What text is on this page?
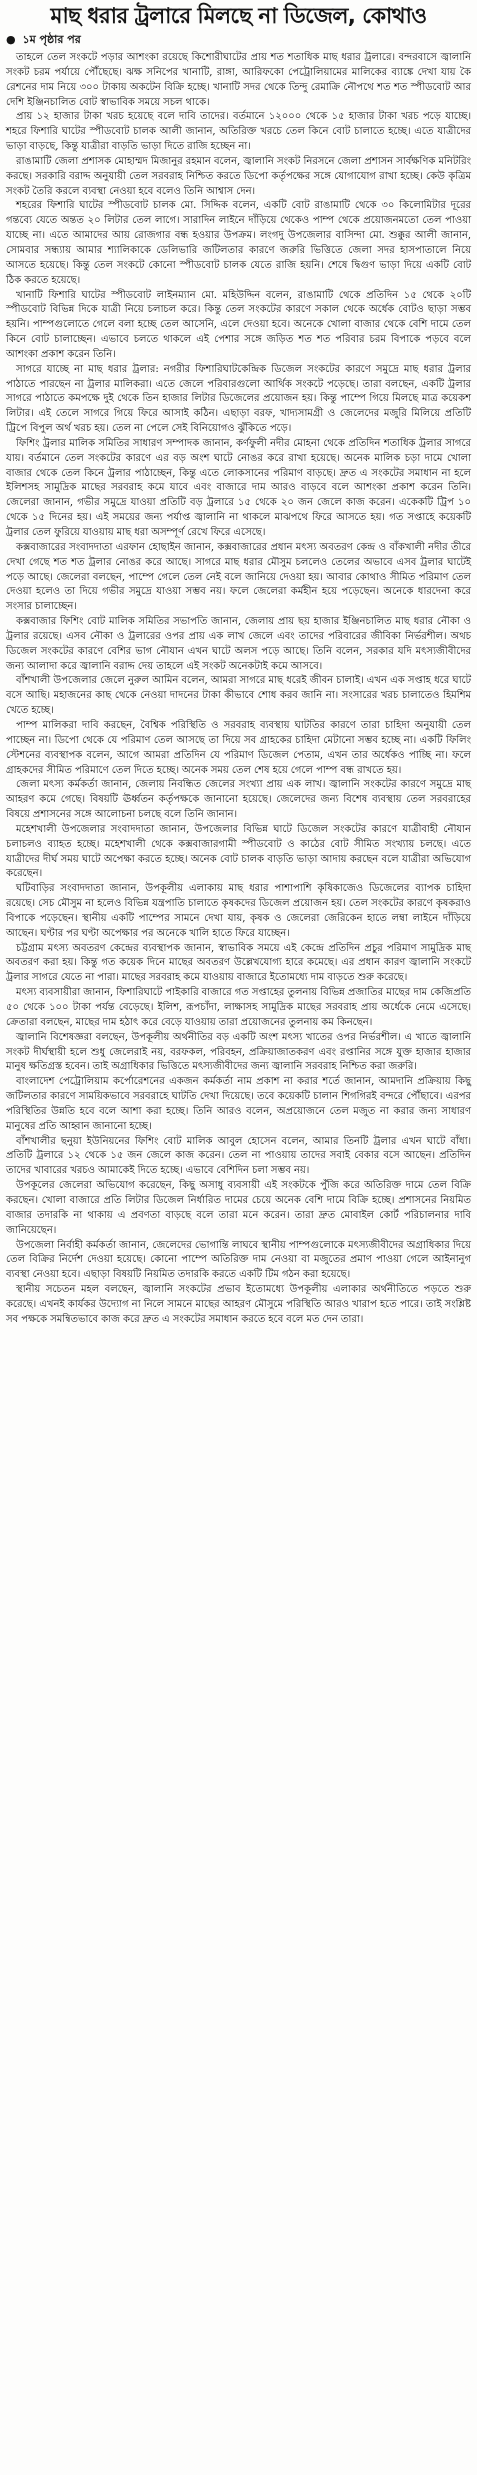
মাছ ধরার ট্রলারে মিলছে না ডিজেল, কোথাও
● ১ম পৃষ্ঠার পর

তাহলে তেল সংকটে পড়ার আশংকা রয়েছে কিশোরীঘাটের প্রায় শত শতাধিক মাছ ধরার ট্রলারে। বন্দরবাসে জ্বালানি সংকট চরম পর্যায়ে পৌঁছেছে। ঝক্ষ সনিপের খানাটি, রাঙ্গা, আরিফকো পেট্রোলিয়ামের মালিকের ব্যাঙ্কে দেখা যায় কৈ রেশনের দাম নিয়ে ৩০০ টাকায় অকটেন বিক্রি হচ্ছে। খানাটি সদর থেকে তিন্দু রেমাক্রি নৌপথে শত শত স্পীডবোট আর দেশি ইঞ্জিনচালিত বোট স্বাভাবিক সময়ে সচল থাকে।

প্রায় ১২ হাজার টাকা খরচ হয়েছে বলে দাবি তাদের। বর্তমানে ১২০০০ থেকে ১৫ হাজার টাকা খরচ পড়ে যাচ্ছে। শহরে ফিশারি ঘাটের স্পীডবোট চালক আলী জানান, অতিরিক্ত খরচে তেল কিনে বোট চালাতে হচ্ছে। এতে যাত্রীদের ভাড়া বাড়ছে, কিন্তু যাত্রীরা বাড়তি ভাড়া দিতে রাজি হচ্ছেন না।

রাঙামাটি জেলা প্রশাসক মোহাম্মদ মিজানুর রহমান বলেন, জ্বালানি সংকট নিরসনে জেলা প্রশাসন সার্বক্ষণিক মনিটরিং করছে। সরকারি বরাদ্দ অনুযায়ী তেল সরবরাহ নিশ্চিত করতে ডিপো কর্তৃপক্ষের সঙ্গে যোগাযোগ রাখা হচ্ছে। কেউ কৃত্রিম সংকট তৈরি করলে ব্যবস্থা নেওয়া হবে বলেও তিনি আশ্বাস দেন।

শহরের ফিশারি ঘাটের স্পীডবোট চালক মো. সিদ্দিক বলেন, একটি বোট রাঙামাটি থেকে ৩০ কিলোমিটার দূরের গন্তব্যে যেতে অন্তত ২০ লিটার তেল লাগে। সারাদিন লাইনে দাঁড়িয়ে থেকেও পাম্প থেকে প্রয়োজনমতো তেল পাওয়া যাচ্ছে না। এতে আমাদের আয় রোজগার বন্ধ হওয়ার উপক্রম। লংগদু উপজেলার বাসিন্দা মো. শুক্কুর আলী জানান, সোমবার সন্ধ্যায় আমার শ্যালিকাকে ডেলিভারি জটিলতার কারণে জরুরি ভিত্তিতে জেলা সদর হাসপাতালে নিয়ে আসতে হয়েছে। কিন্তু তেল সংকটে কোনো স্পীডবোট চালক যেতে রাজি হয়নি। শেষে দ্বিগুণ ভাড়া দিয়ে একটি বোট ঠিক করতে হয়েছে।

খানাটি ফিশারি ঘাটের স্পীডবোট লাইনম্যান মো. মহিউদ্দিন বলেন, রাঙামাটি থেকে প্রতিদিন ১৫ থেকে ২০টি স্পীডবোট বিভিন্ন দিকে যাত্রী নিয়ে চলাচল করে। কিন্তু তেল সংকটের কারণে সকাল থেকে অর্ধেক বোটও ছাড়া সম্ভব হয়নি। পাম্পগুলোতে গেলে বলা হচ্ছে তেল আসেনি, এলে দেওয়া হবে। অনেকে খোলা বাজার থেকে বেশি দামে তেল কিনে বোট চালাচ্ছেন। এভাবে চলতে থাকলে এই পেশার সঙ্গে জড়িত শত শত পরিবার চরম বিপাকে পড়বে বলে আশংকা প্রকাশ করেন তিনি।

সাগরে যাচ্ছে না মাছ ধরার ট্রলার: নগরীর ফিশারিঘাটকেন্দ্রিক ডিজেল সংকটের কারণে সমুদ্রে মাছ ধরার ট্রলার পাঠাতে পারছেন না ট্রলার মালিকরা। এতে জেলে পরিবারগুলো আর্থিক সংকটে পড়েছে। তারা বলছেন, একটি ট্রলার সাগরে পাঠাতে কমপক্ষে দুই থেকে তিন হাজার লিটার ডিজেলের প্রয়োজন হয়। কিন্তু পাম্পে গিয়ে মিলছে মাত্র কয়েকশ লিটার। এই তেলে সাগরে গিয়ে ফিরে আসাই কঠিন। এছাড়া বরফ, খাদ্যসামগ্রী ও জেলেদের মজুরি মিলিয়ে প্রতিটি ট্রিপে বিপুল অর্থ খরচ হয়। তেল না পেলে সেই বিনিয়োগও ঝুঁকিতে পড়ে।

ফিশিং ট্রলার মালিক সমিতির সাধারণ সম্পাদক জানান, কর্ণফুলী নদীর মোহনা থেকে প্রতিদিন শতাধিক ট্রলার সাগরে যায়। বর্তমানে তেল সংকটের কারণে এর বড় অংশ ঘাটে নোঙর করে রাখা হয়েছে। অনেক মালিক চড়া দামে খোলা বাজার থেকে তেল কিনে ট্রলার পাঠাচ্ছেন, কিন্তু এতে লোকসানের পরিমাণ বাড়ছে। দ্রুত এ সংকটের সমাধান না হলে ইলিশসহ সামুদ্রিক মাছের সরবরাহ কমে যাবে এবং বাজারে দাম আরও বাড়বে বলে আশংকা প্রকাশ করেন তিনি। জেলেরা জানান, গভীর সমুদ্রে যাওয়া প্রতিটি বড় ট্রলারে ১৫ থেকে ২০ জন জেলে কাজ করেন। একেকটি ট্রিপ ১০ থেকে ১৫ দিনের হয়। এই সময়ের জন্য পর্যাপ্ত জ্বালানি না থাকলে মাঝপথে ফিরে আসতে হয়। গত সপ্তাহে কয়েকটি ট্রলার তেল ফুরিয়ে যাওয়ায় মাছ ধরা অসম্পূর্ণ রেখে ফিরে এসেছে।

কক্সবাজারের সংবাদদাতা এরফান হোছাইন জানান, কক্সবাজারের প্রধান মৎস্য অবতরণ কেন্দ্র ও বাঁকখালী নদীর তীরে দেখা গেছে শত শত ট্রলার নোঙর করে আছে। সাগরে মাছ ধরার মৌসুম চললেও তেলের অভাবে এসব ট্রলার ঘাটেই পড়ে আছে। জেলেরা বলছেন, পাম্পে গেলে তেল নেই বলে জানিয়ে দেওয়া হয়। আবার কোথাও সীমিত পরিমাণ তেল দেওয়া হলেও তা দিয়ে গভীর সমুদ্রে যাওয়া সম্ভব নয়। ফলে জেলেরা কর্মহীন হয়ে পড়েছেন। অনেকে ধারদেনা করে সংসার চালাচ্ছেন।

কক্সবাজার ফিশিং বোট মালিক সমিতির সভাপতি জানান, জেলায় প্রায় ছয় হাজার ইঞ্জিনচালিত মাছ ধরার নৌকা ও ট্রলার রয়েছে। এসব নৌকা ও ট্রলারের ওপর প্রায় এক লাখ জেলে এবং তাদের পরিবারের জীবিকা নির্ভরশীল। অথচ ডিজেল সংকটের কারণে বেশির ভাগ নৌযান এখন ঘাটে অলস পড়ে আছে। তিনি বলেন, সরকার যদি মৎস্যজীবীদের জন্য আলাদা করে জ্বালানি বরাদ্দ দেয় তাহলে এই সংকট অনেকটাই কমে আসবে।

বাঁশখালী উপজেলার জেলে নুরুল আমিন বলেন, আমরা সাগরে মাছ ধরেই জীবন চালাই। এখন এক সপ্তাহ ধরে ঘাটে বসে আছি। মহাজনের কাছ থেকে নেওয়া দাদনের টাকা কীভাবে শোধ করব জানি না। সংসারের খরচ চালাতেও হিমশিম খেতে হচ্ছে।

পাম্প মালিকরা দাবি করছেন, বৈশ্বিক পরিস্থিতি ও সরবরাহ ব্যবস্থায় ঘাটতির কারণে তারা চাহিদা অনুযায়ী তেল পাচ্ছেন না। ডিপো থেকে যে পরিমাণ তেল আসছে তা দিয়ে সব গ্রাহকের চাহিদা মেটানো সম্ভব হচ্ছে না। একটি ফিলিং স্টেশনের ব্যবস্থাপক বলেন, আগে আমরা প্রতিদিন যে পরিমাণ ডিজেল পেতাম, এখন তার অর্ধেকও পাচ্ছি না। ফলে গ্রাহকদের সীমিত পরিমাণে তেল দিতে হচ্ছে। অনেক সময় তেল শেষ হয়ে গেলে পাম্প বন্ধ রাখতে হয়।

জেলা মৎস্য কর্মকর্তা জানান, জেলায় নিবন্ধিত জেলের সংখ্যা প্রায় এক লাখ। জ্বালানি সংকটের কারণে সমুদ্রে মাছ আহরণ কমে গেছে। বিষয়টি ঊর্ধ্বতন কর্তৃপক্ষকে জানানো হয়েছে। জেলেদের জন্য বিশেষ ব্যবস্থায় তেল সরবরাহের বিষয়ে প্রশাসনের সঙ্গে আলোচনা চলছে বলে তিনি জানান।

মহেশখালী উপজেলার সংবাদদাতা জানান, উপজেলার বিভিন্ন ঘাটে ডিজেল সংকটের কারণে যাত্রীবাহী নৌযান চলাচলও ব্যাহত হচ্ছে। মহেশখালী থেকে কক্সবাজারগামী স্পীডবোট ও কাঠের বোট সীমিত সংখ্যায় চলছে। এতে যাত্রীদের দীর্ঘ সময় ঘাটে অপেক্ষা করতে হচ্ছে। অনেক বোট চালক বাড়তি ভাড়া আদায় করছেন বলে যাত্রীরা অভিযোগ করেছেন।

ঘটিবাড়ির সংবাদদাতা জানান, উপকূলীয় এলাকায় মাছ ধরার পাশাপাশি কৃষিকাজেও ডিজেলের ব্যাপক চাহিদা রয়েছে। সেচ মৌসুম না হলেও বিভিন্ন যন্ত্রপাতি চালাতে কৃষকদের ডিজেল প্রয়োজন হয়। তেল সংকটের কারণে কৃষকরাও বিপাকে পড়েছেন। স্থানীয় একটি পাম্পের সামনে দেখা যায়, কৃষক ও জেলেরা জেরিকেন হাতে লম্বা লাইনে দাঁড়িয়ে আছেন। ঘণ্টার পর ঘণ্টা অপেক্ষার পর অনেকে খালি হাতে ফিরে যাচ্ছেন।

চট্টগ্রাম মৎস্য অবতরণ কেন্দ্রের ব্যবস্থাপক জানান, স্বাভাবিক সময়ে এই কেন্দ্রে প্রতিদিন প্রচুর পরিমাণ সামুদ্রিক মাছ অবতরণ করা হয়। কিন্তু গত কয়েক দিনে মাছের অবতরণ উল্লেখযোগ্য হারে কমেছে। এর প্রধান কারণ জ্বালানি সংকটে ট্রলার সাগরে যেতে না পারা। মাছের সরবরাহ কমে যাওয়ায় বাজারে ইতোমধ্যে দাম বাড়তে শুরু করেছে।

মৎস্য ব্যবসায়ীরা জানান, ফিশারিঘাটে পাইকারি বাজারে গত সপ্তাহের তুলনায় বিভিন্ন প্রজাতির মাছের দাম কেজিপ্রতি ৫০ থেকে ১০০ টাকা পর্যন্ত বেড়েছে। ইলিশ, রূপচাঁদা, লাক্ষাসহ সামুদ্রিক মাছের সরবরাহ প্রায় অর্ধেকে নেমে এসেছে। ক্রেতারা বলছেন, মাছের দাম হঠাৎ করে বেড়ে যাওয়ায় তারা প্রয়োজনের তুলনায় কম কিনছেন।

জ্বালানি বিশেষজ্ঞরা বলছেন, উপকূলীয় অর্থনীতির বড় একটি অংশ মৎস্য খাতের ওপর নির্ভরশীল। এ খাতে জ্বালানি সংকট দীর্ঘস্থায়ী হলে শুধু জেলেরাই নয়, বরফকল, পরিবহন, প্রক্রিয়াজাতকরণ এবং রপ্তানির সঙ্গে যুক্ত হাজার হাজার মানুষ ক্ষতিগ্রস্ত হবেন। তাই অগ্রাধিকার ভিত্তিতে মৎস্যজীবীদের জন্য জ্বালানি সরবরাহ নিশ্চিত করা জরুরি।

বাংলাদেশ পেট্রোলিয়াম কর্পোরেশনের একজন কর্মকর্তা নাম প্রকাশ না করার শর্তে জানান, আমদানি প্রক্রিয়ায় কিছু জটিলতার কারণে সাময়িকভাবে সরবরাহে ঘাটতি দেখা দিয়েছে। তবে কয়েকটি চালান শিগগিরই বন্দরে পৌঁছাবে। এরপর পরিস্থিতির উন্নতি হবে বলে আশা করা হচ্ছে। তিনি আরও বলেন, অপ্রয়োজনে তেল মজুত না করার জন্য সাধারণ মানুষের প্রতি আহ্বান জানানো হচ্ছে।

বাঁশখালীর ছনুয়া ইউনিয়নের ফিশিং বোট মালিক আবুল হোসেন বলেন, আমার তিনটি ট্রলার এখন ঘাটে বাঁধা। প্রতিটি ট্রলারে ১২ থেকে ১৫ জন জেলে কাজ করেন। তেল না পাওয়ায় তাদের সবাই বেকার বসে আছেন। প্রতিদিন তাদের খাবারের খরচও আমাকেই দিতে হচ্ছে। এভাবে বেশিদিন চলা সম্ভব নয়।

উপকূলের জেলেরা অভিযোগ করেছেন, কিছু অসাধু ব্যবসায়ী এই সংকটকে পুঁজি করে অতিরিক্ত দামে তেল বিক্রি করছেন। খোলা বাজারে প্রতি লিটার ডিজেল নির্ধারিত দামের চেয়ে অনেক বেশি দামে বিক্রি হচ্ছে। প্রশাসনের নিয়মিত বাজার তদারকি না থাকায় এ প্রবণতা বাড়ছে বলে তারা মনে করেন। তারা দ্রুত মোবাইল কোর্ট পরিচালনার দাবি জানিয়েছেন।

উপজেলা নির্বাহী কর্মকর্তা জানান, জেলেদের ভোগান্তি লাঘবে স্থানীয় পাম্পগুলোকে মৎস্যজীবীদের অগ্রাধিকার দিয়ে তেল বিক্রির নির্দেশ দেওয়া হয়েছে। কোনো পাম্পে অতিরিক্ত দাম নেওয়া বা মজুতের প্রমাণ পাওয়া গেলে আইনানুগ ব্যবস্থা নেওয়া হবে। এছাড়া বিষয়টি নিয়মিত তদারকি করতে একটি টিম গঠন করা হয়েছে।

স্থানীয় সচেতন মহল বলছেন, জ্বালানি সংকটের প্রভাব ইতোমধ্যে উপকূলীয় এলাকার অর্থনীতিতে পড়তে শুরু করেছে। এখনই কার্যকর উদ্যোগ না নিলে সামনে মাছের আহরণ মৌসুমে পরিস্থিতি আরও খারাপ হতে পারে। তাই সংশ্লিষ্ট সব পক্ষকে সমন্বিতভাবে কাজ করে দ্রুত এ সংকটের সমাধান করতে হবে বলে মত দেন তারা।
